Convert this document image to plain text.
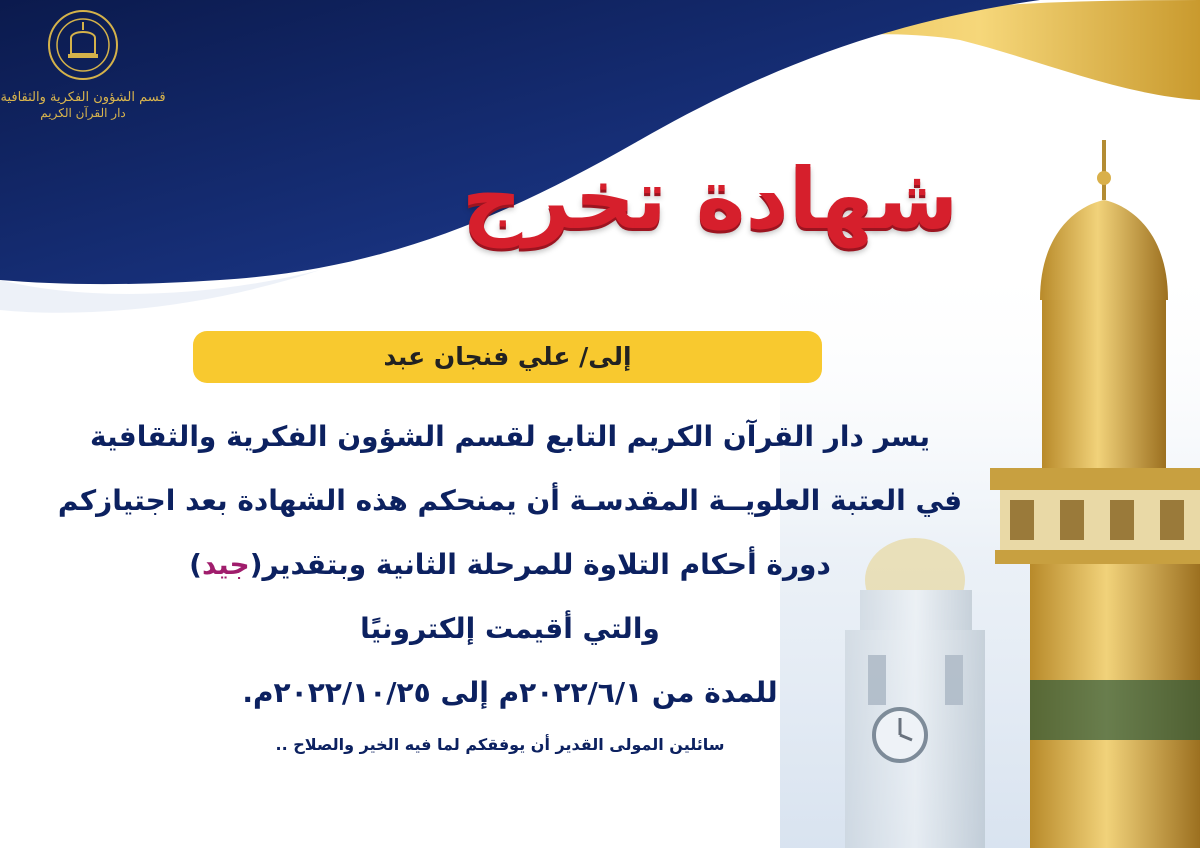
قسم الشؤون الفكرية والثقافية
دار القرآن الكريم
شهادة تخرج
إلى/ علي فنجان عبد
يسر دار القرآن الكريم التابع لقسم الشؤون الفكرية والثقافية
في العتبة العلويــة المقدسـة أن يمنحكم هذه الشهادة بعد اجتيازكم
دورة أحكام التلاوة للمرحلة الثانية وبتقدير(جيد)
والتي أقيمت إلكترونيًا
للمدة من ٢٠٢٢/٦/١م إلى ٢٠٢٢/١٠/٢٥م.
سائلين المولى القدير أن يوفقكم لما فيه الخير والصلاح ..
